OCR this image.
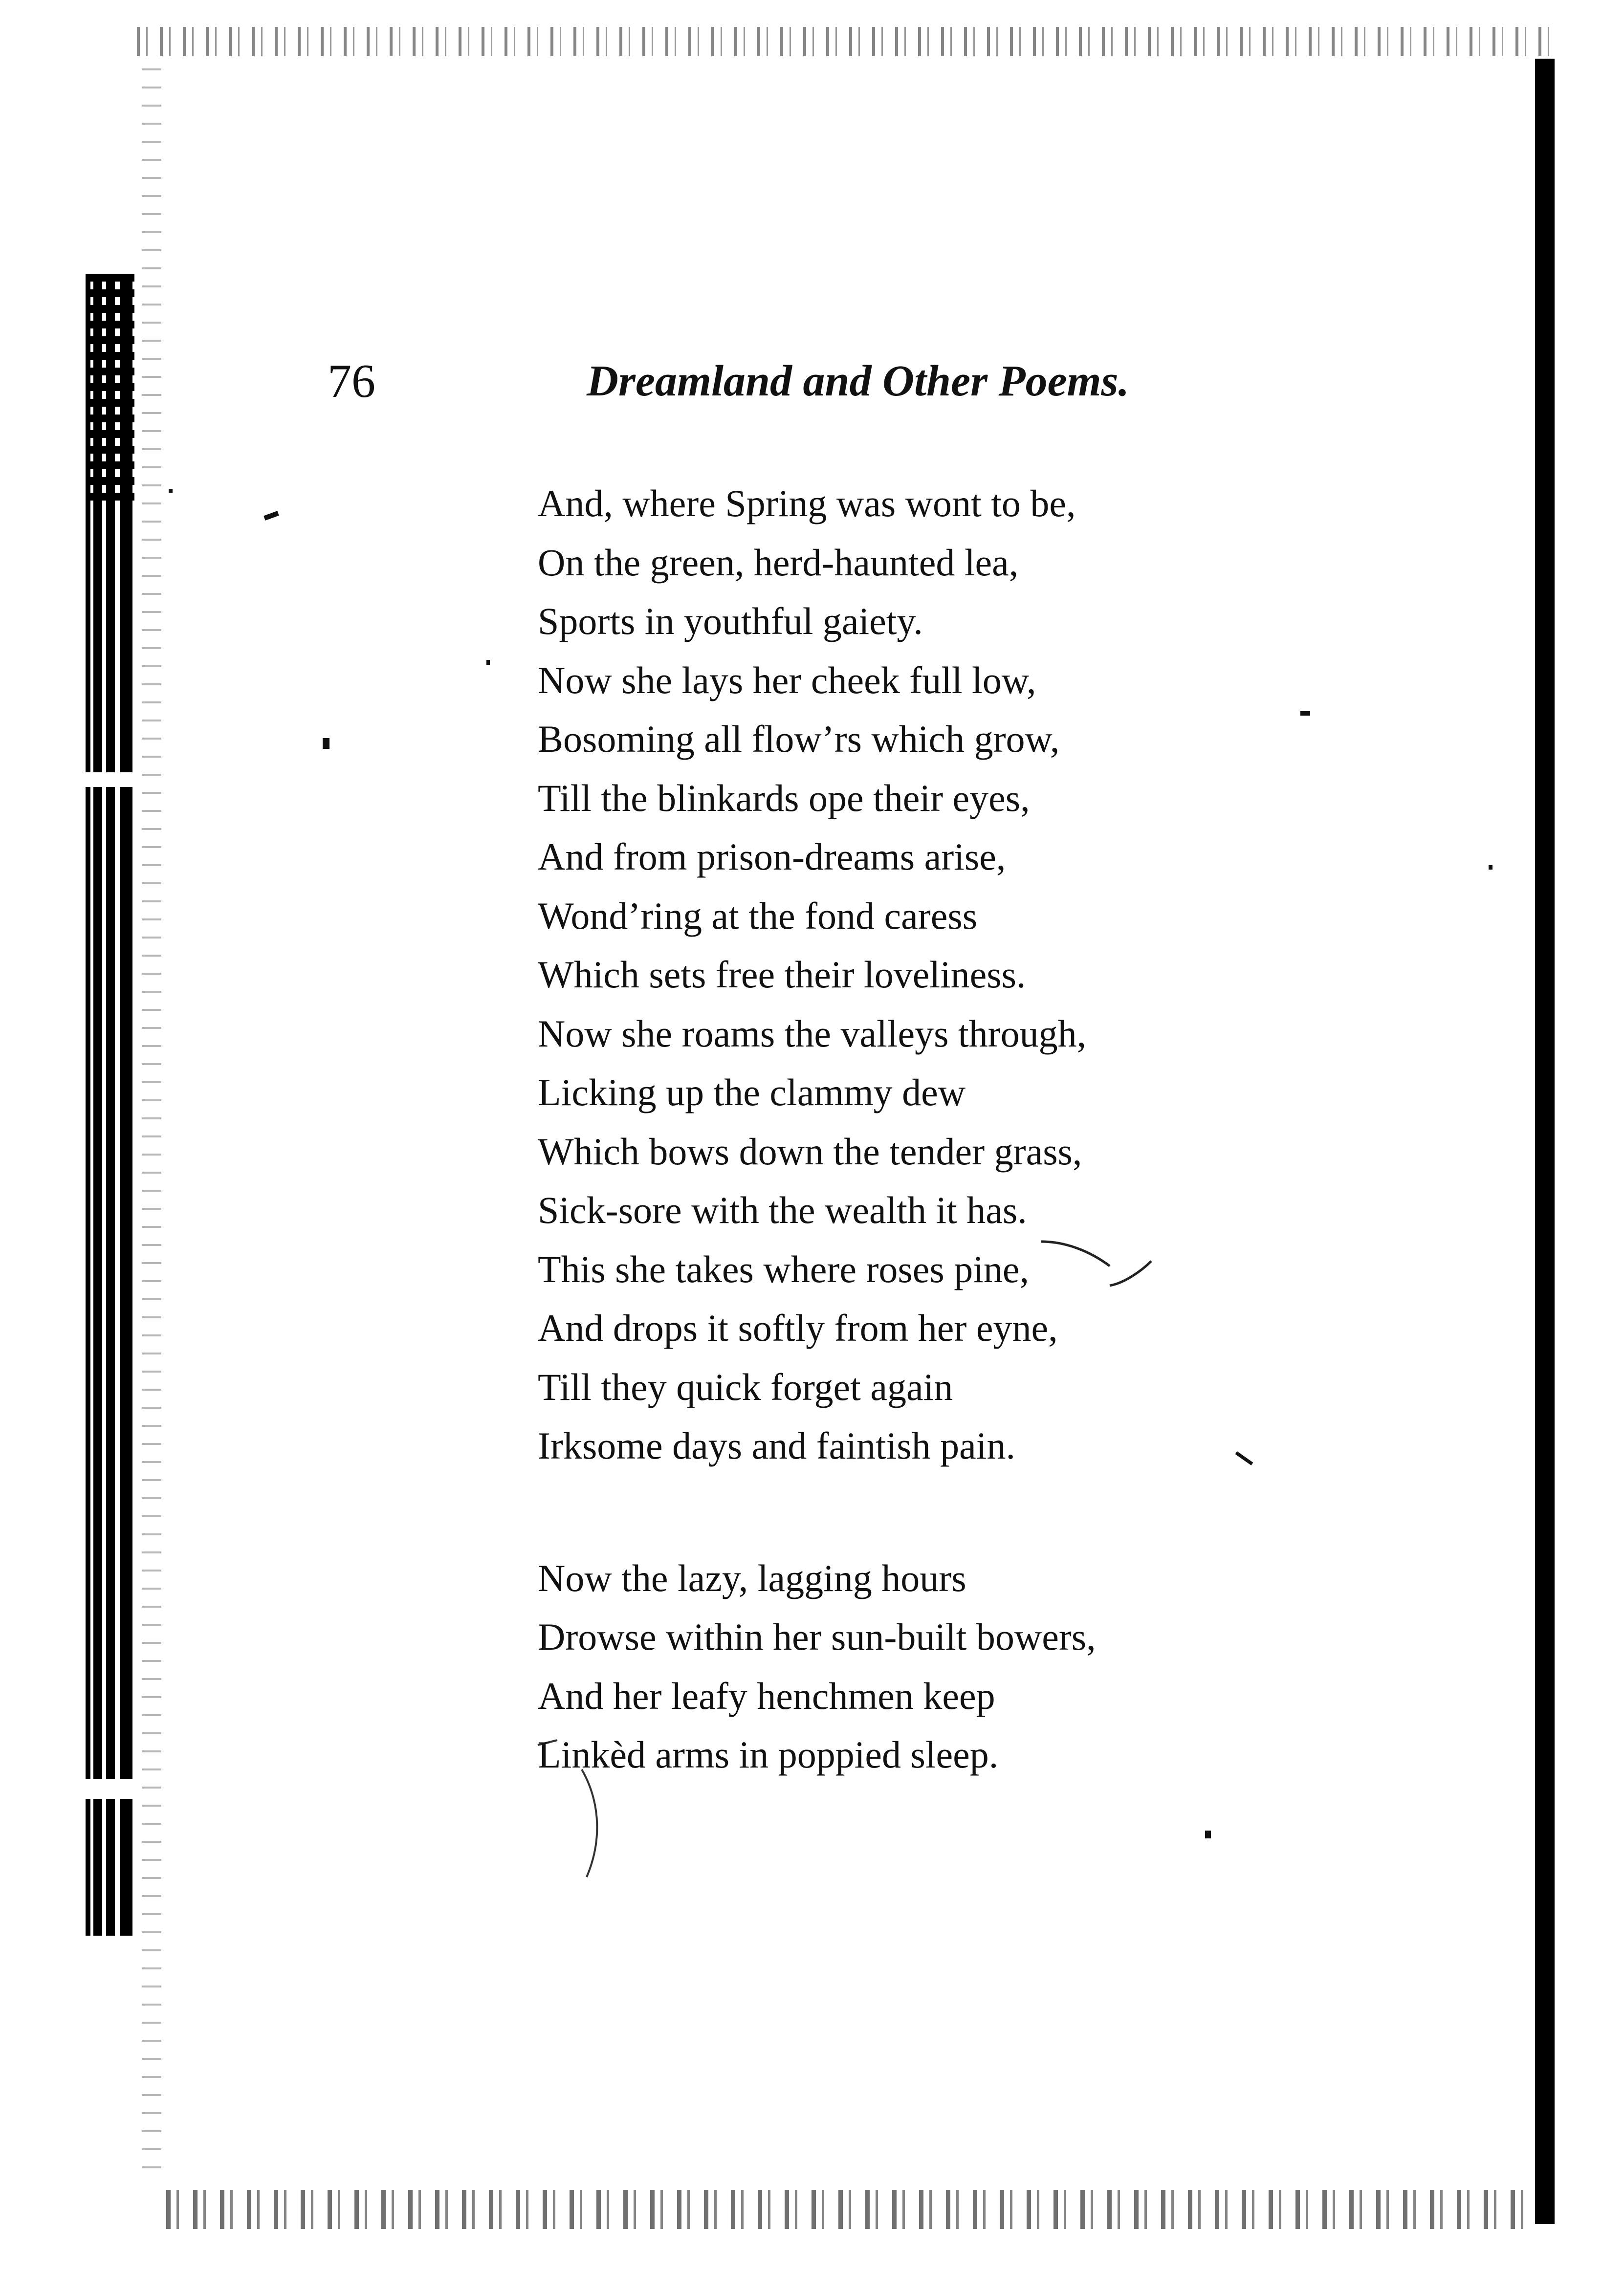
76	Dreamland and Other Poems.
And, where Spring was wont to be,
On the green, herd-haunted lea,
Sports in youthful gaiety.
Now she lays her cheek full low,
Bosoming all flow’rs which grow,
Till the blinkards ope their eyes,
And from prison-dreams arise,
Wond’ring at the fond caress
Which sets free their loveliness.
Now she roams the valleys through,
Licking up the clammy dew
Which bows down the tender grass,
Sick-sore with the wealth it has.
This she takes where roses pine,
And drops it softly from her eyne,
Till they quick forget again
Irksome days and faintish pain.
Now the lazy, lagging hours
Drowse within her sun-built bowers,
And her leafy henchmen keep
Linkèd arms in poppied sleep.
